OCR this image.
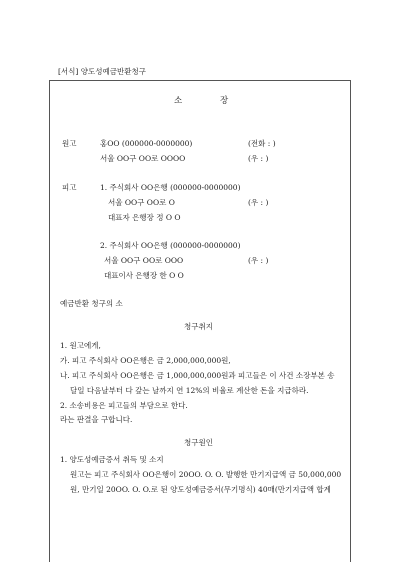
[서식] 양도성예금반환청구
소	장
원고	홍OO (000000-0000000)	(전화 : )
서울 OO구 OO로 OOOO	(우 : )
피고	1. 주식회사 OO은행 (000000-0000000)
서울 OO구 OO로 O	(우 : )
대표자 은행장 정 O O
2. 주식회사 OO은행 (000000-0000000)
서울 OO구 OO로 OOO	(우 : )
대표이사 은행장 한 O O
예금반환 청구의 소
청구취지
1. 원고에게,
가. 피고 주식회사 OO은행은 금 2,000,000,000원,
나. 피고 주식회사 OO은행은 금 1,000,000,000원과 피고들은 이 사건 소장부본 송
달일 다음날부터 다 갚는 날까지 연 12%의 비율로 계산한 돈을 지급하라.
2. 소송비용은 피고들의 부담으로 한다.
라는 판결을 구합니다.
청구원인
1. 양도성예금증서 취득 및 소지
원고는 피고 주식회사 OO은행이 20OO. O. O. 발행한 만기지급액 금 50,000,000
원, 만기일 20OO. O. O.로 된 양도성예금증서(무기명식) 40매(만기지급액 합계
